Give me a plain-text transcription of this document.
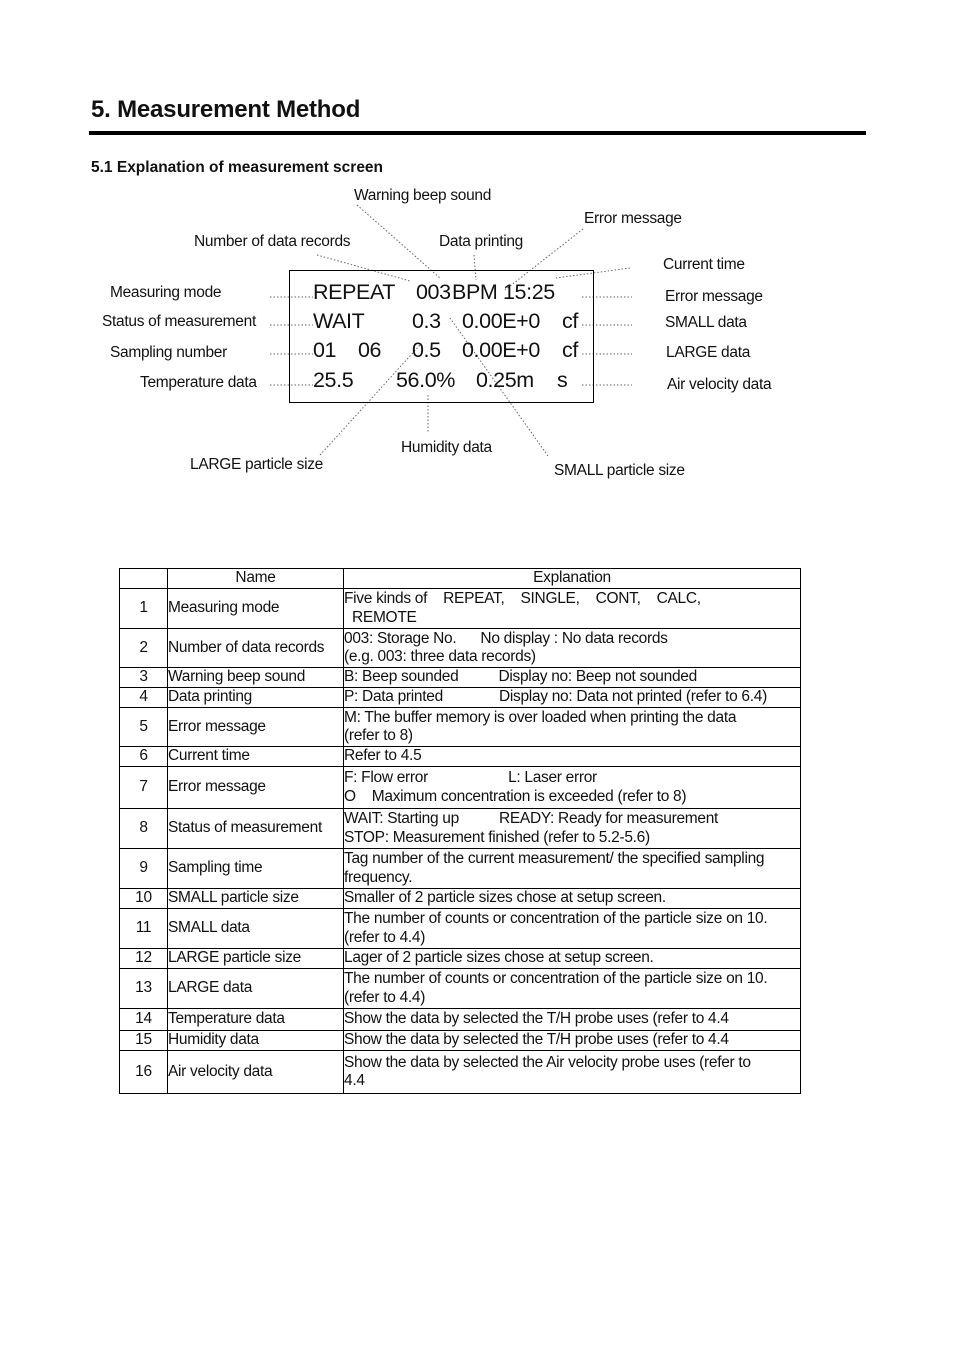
5. Measurement Method
5.1 Explanation of measurement screen
Warning beep sound
Error message
Number of data records	Data printing
Current time
Measuring mode	Error message
Status of measurement	SMALL data
Sampling number	LARGE data
Temperature data	Air velocity data
Humidity data
LARGE particle size	SMALL particle size
REPEAT 003 BPM 15:25
WAIT 0.3 0.00E+0 cf
01 06 0.5 0.00E+0 cf
25.5 56.0% 0.25m s
	Name	Explanation
1	Measuring mode	Five kinds of    REPEAT,    SINGLE,    CONT,    CALC,
REMOTE

2	Number of data records	003: Storage No.      No display : No data records
(e.g. 003: three data records)

3	Warning beep sound	B: Beep sounded          Display no: Beep not sounded

4	Data printing	P: Data printed              Display no: Data not printed (refer to 6.4)

5	Error message	M: The buffer memory is over loaded when printing the data
(refer to 8)

6	Current time	Refer to 4.5

7	Error message	F: Flow error                    L: Laser error
O    Maximum concentration is exceeded (refer to 8)

8	Status of measurement	WAIT: Starting up          READY: Ready for measurement
STOP: Measurement finished (refer to 5.2-5.6)

9	Sampling time	Tag number of the current measurement/ the specified sampling
frequency.

10	SMALL particle size	Smaller of 2 particle sizes chose at setup screen.

11	SMALL data	The number of counts or concentration of the particle size on 10.
(refer to 4.4)

12	LARGE particle size	Lager of 2 particle sizes chose at setup screen.

13	LARGE data	The number of counts or concentration of the particle size on 10.
(refer to 4.4)

14	Temperature data	Show the data by selected the T/H probe uses (refer to 4.4

15	Humidity data	Show the data by selected the T/H probe uses (refer to 4.4

16	Air velocity data	Show the data by selected the Air velocity probe uses (refer to
4.4
